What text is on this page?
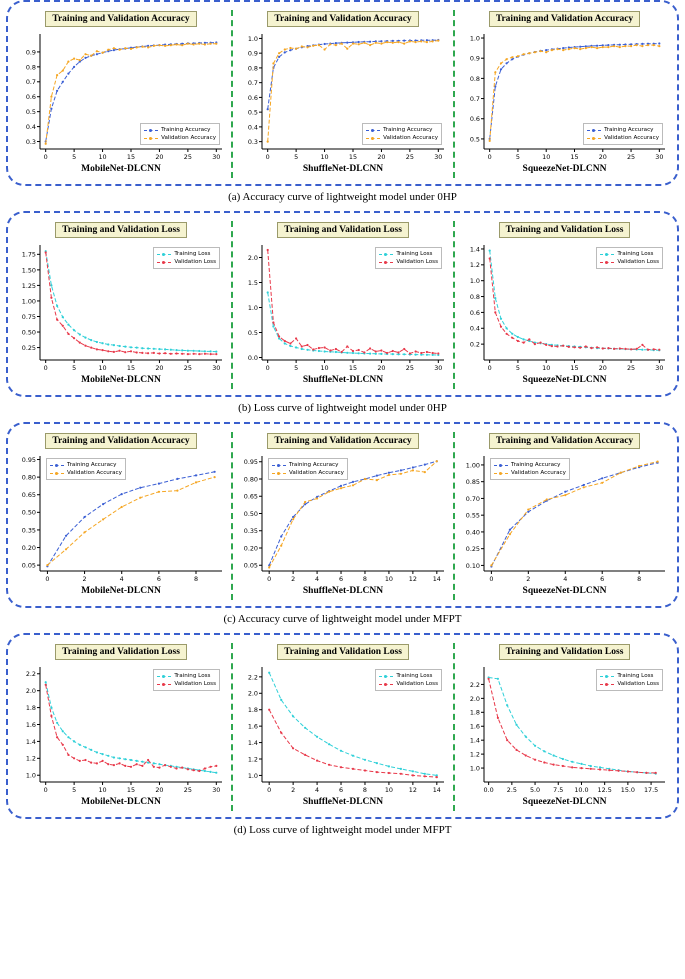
Training and Validation Accuracy
0.3
0.4
0.5
0.6
0.7
0.8
0.9
0	5	10	15	20	25	30
Training Accuracy
Validation Accuracy
MobileNet-DLCNN
Training and Validation Accuracy
0.3
0.4
0.5
0.6
0.7
0.8
0.9
1.0
0	5	10	15	20	25	30
Training Accuracy
Validation Accuracy
ShuffleNet-DLCNN
Training and Validation Accuracy
0.5
0.6
0.7
0.8
0.9
1.0
0	5	10	15	20	25	30
Training Accuracy
Validation Accuracy
SqueezeNet-DLCNN
(a) Accuracy curve of lightweight model under 0HP
Training and Validation Loss
0.25
0.50
0.75
1.00
1.25
1.50
1.75
0	5	10	15	20	25	30
Training Loss
Validation Loss
MobileNet-DLCNN
Training and Validation Loss
0.0
0.5
1.0
1.5
2.0
0	5	10	15	20	25	30
Training Loss
Validation Loss
ShuffleNet-DLCNN
Training and Validation Loss
0.2
0.4
0.6
0.8
1.0
1.2
1.4
0	5	10	15	20	25	30
Training Loss
Validation Loss
SqueezeNet-DLCNN
(b) Loss curve of lightweight model under 0HP
Training and Validation Accuracy
0.05
0.20
0.35
0.50
0.65
0.80
0.95
0	2	4	6	8
Training Accuracy
Validation Accuracy
MobileNet-DLCNN
Training and Validation Accuracy
0.05
0.20
0.35
0.50
0.65
0.80
0.95
0	2	4	6	8	10 12 14
Training Accuracy
Validation Accuracy
ShuffleNet-DLCNN
Training and Validation Accuracy
0.10
0.25
0.40
0.55
0.70
0.85
1.00
0	2	4	6	8
Training Accuracy
Validation Accuracy
SqueezeNet-DLCNN
(c) Accuracy curve of lightweight model under MFPT
Training and Validation Loss
1.0
1.2
1.4
1.6
1.8
2.0
2.2
0	5	10	15	20	25	30
Training Loss
Validation Loss
MobileNet-DLCNN
Training and Validation Loss
1.0
1.2
1.4
1.6
1.8
2.0
2.2
0	2	4	6	8	10 12 14
Training Loss
Validation Loss
ShuffleNet-DLCNN
Training and Validation Loss
1.0
1.2
1.4
1.6
1.8
2.0
2.2
0.0 2.5 5.0 7.5 10.0 12.5 15.0 17.5
Training Loss
Validation Loss
SqueezeNet-DLCNN
(d) Loss curve of lightweight model under MFPT
